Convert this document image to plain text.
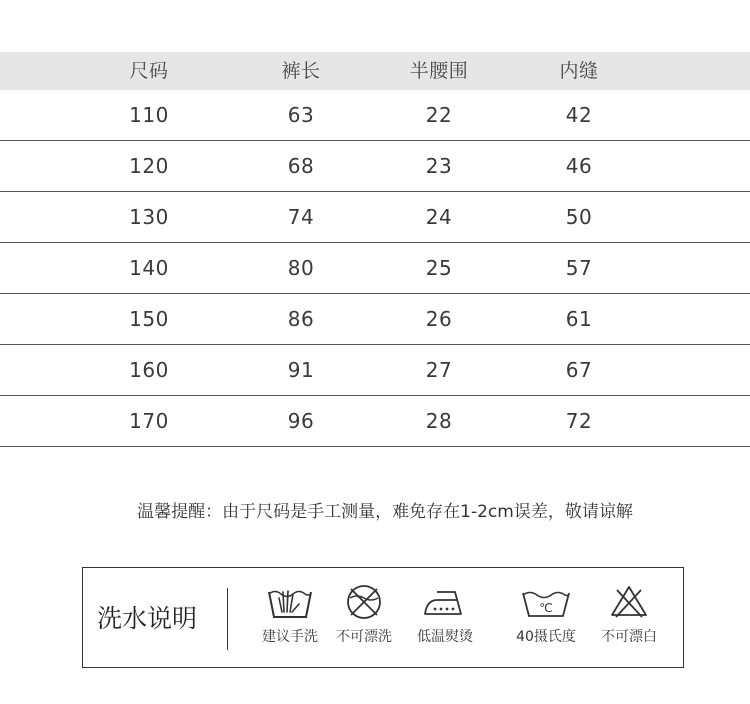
尺码	裤长	半腰围	内缝
110	63	22	42
120	68	23	46
130	74	24	50
140	80	25	57
150	86	26	61
160	91	27	67
170	96	28	72
温馨提醒：由于尺码是手工测量，难免存在1-2cm误差，敬请谅解
洗水说明
建议手洗	不可漂洗	低温熨烫
℃
40摄氏度	不可漂白
